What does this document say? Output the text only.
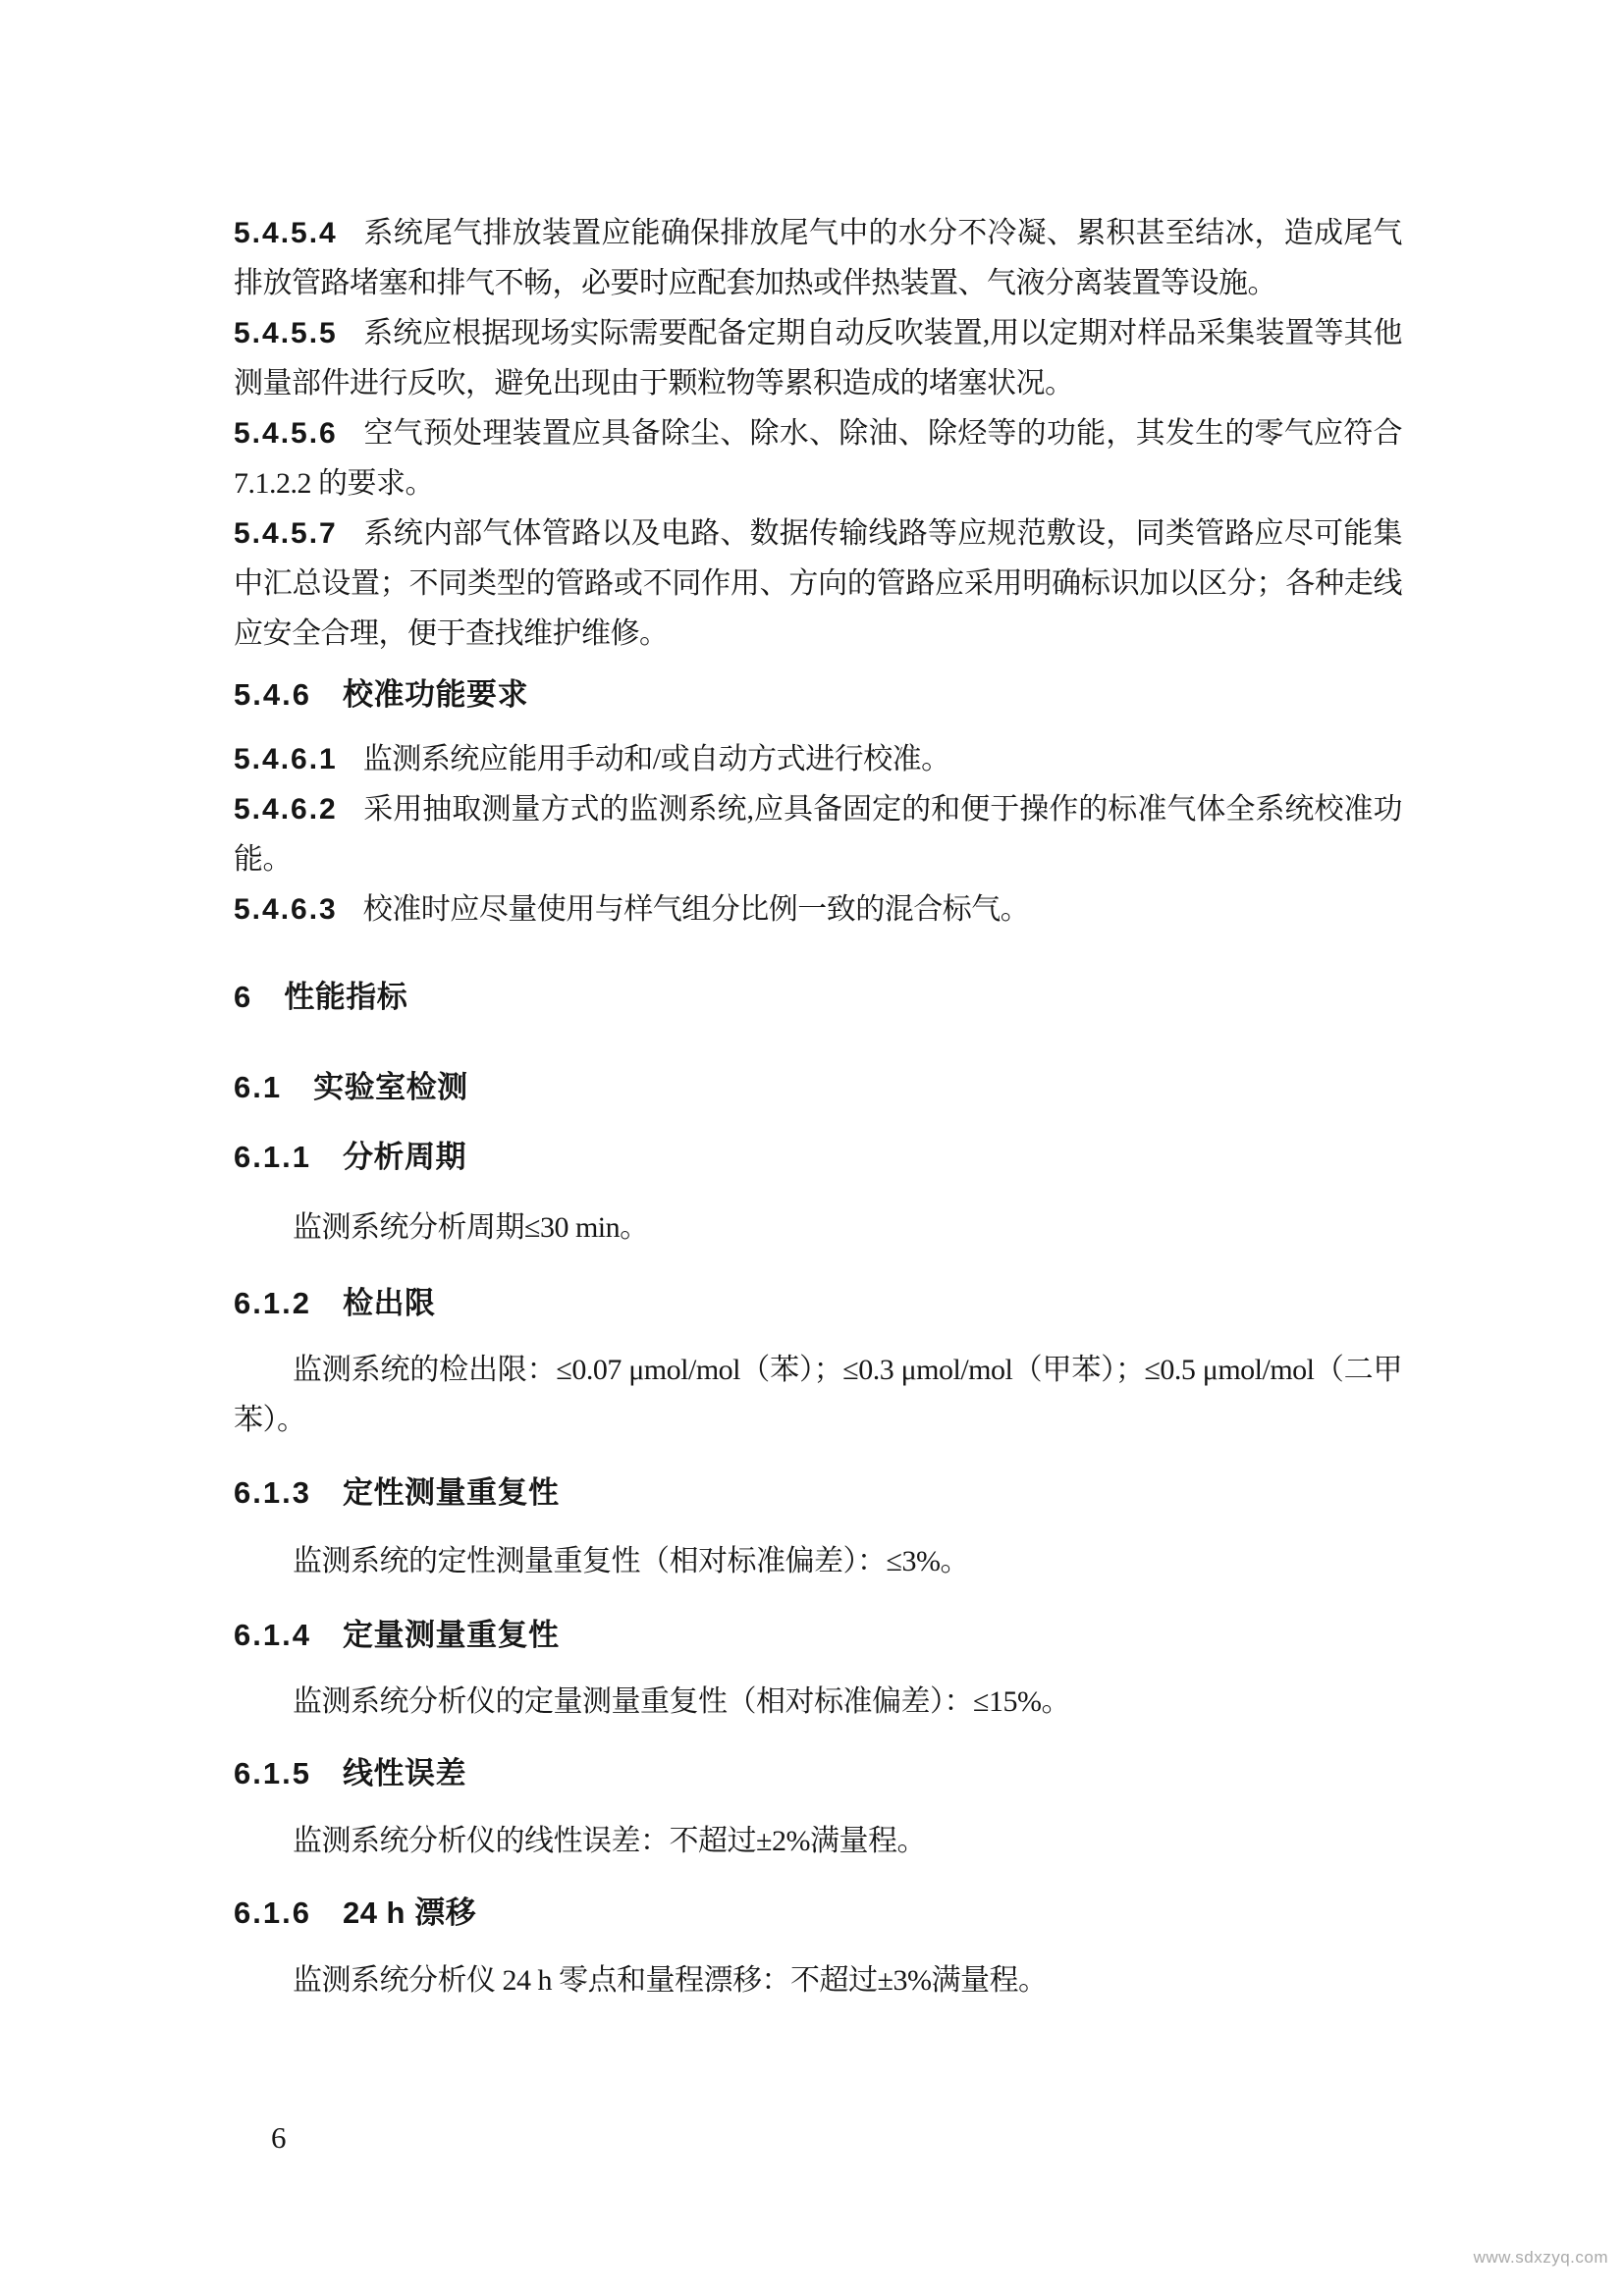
5.4.5.4 系统尾气排放装置应能确保排放尾气中的水分不冷凝、累积甚至结冰，造成尾气排放管路堵塞和排气不畅，必要时应配套加热或伴热装置、气液分离装置等设施。

5.4.5.5 系统应根据现场实际需要配备定期自动反吹装置,用以定期对样品采集装置等其他测量部件进行反吹，避免出现由于颗粒物等累积造成的堵塞状况。

5.4.5.6 空气预处理装置应具备除尘、除水、除油、除烃等的功能，其发生的零气应符合 7.1.2.2 的要求。

5.4.5.7 系统内部气体管路以及电路、数据传输线路等应规范敷设，同类管路应尽可能集中汇总设置；不同类型的管路或不同作用、方向的管路应采用明确标识加以区分；各种走线应安全合理，便于查找维护维修。

5.4.6 校准功能要求

5.4.6.1 监测系统应能用手动和/或自动方式进行校准。

5.4.6.2 采用抽取测量方式的监测系统,应具备固定的和便于操作的标准气体全系统校准功能。

5.4.6.3 校准时应尽量使用与样气组分比例一致的混合标气。

6 性能指标
6.1 实验室检测
6.1.1 分析周期

监测系统分析周期≤30 min。

6.1.2 检出限

监测系统的检出限：≤0.07 μmol/mol（苯）；≤0.3 μmol/mol（甲苯）；≤0.5 μmol/mol（二甲苯）。

6.1.3 定性测量重复性

监测系统的定性测量重复性（相对标准偏差）：≤3%。

6.1.4 定量测量重复性

监测系统分析仪的定量测量重复性（相对标准偏差）：≤15%。

6.1.5 线性误差

监测系统分析仪的线性误差：不超过±2%满量程。

6.1.6 24 h 漂移

监测系统分析仪 24 h 零点和量程漂移：不超过±3%满量程。

6
www.sdxzyq.com
